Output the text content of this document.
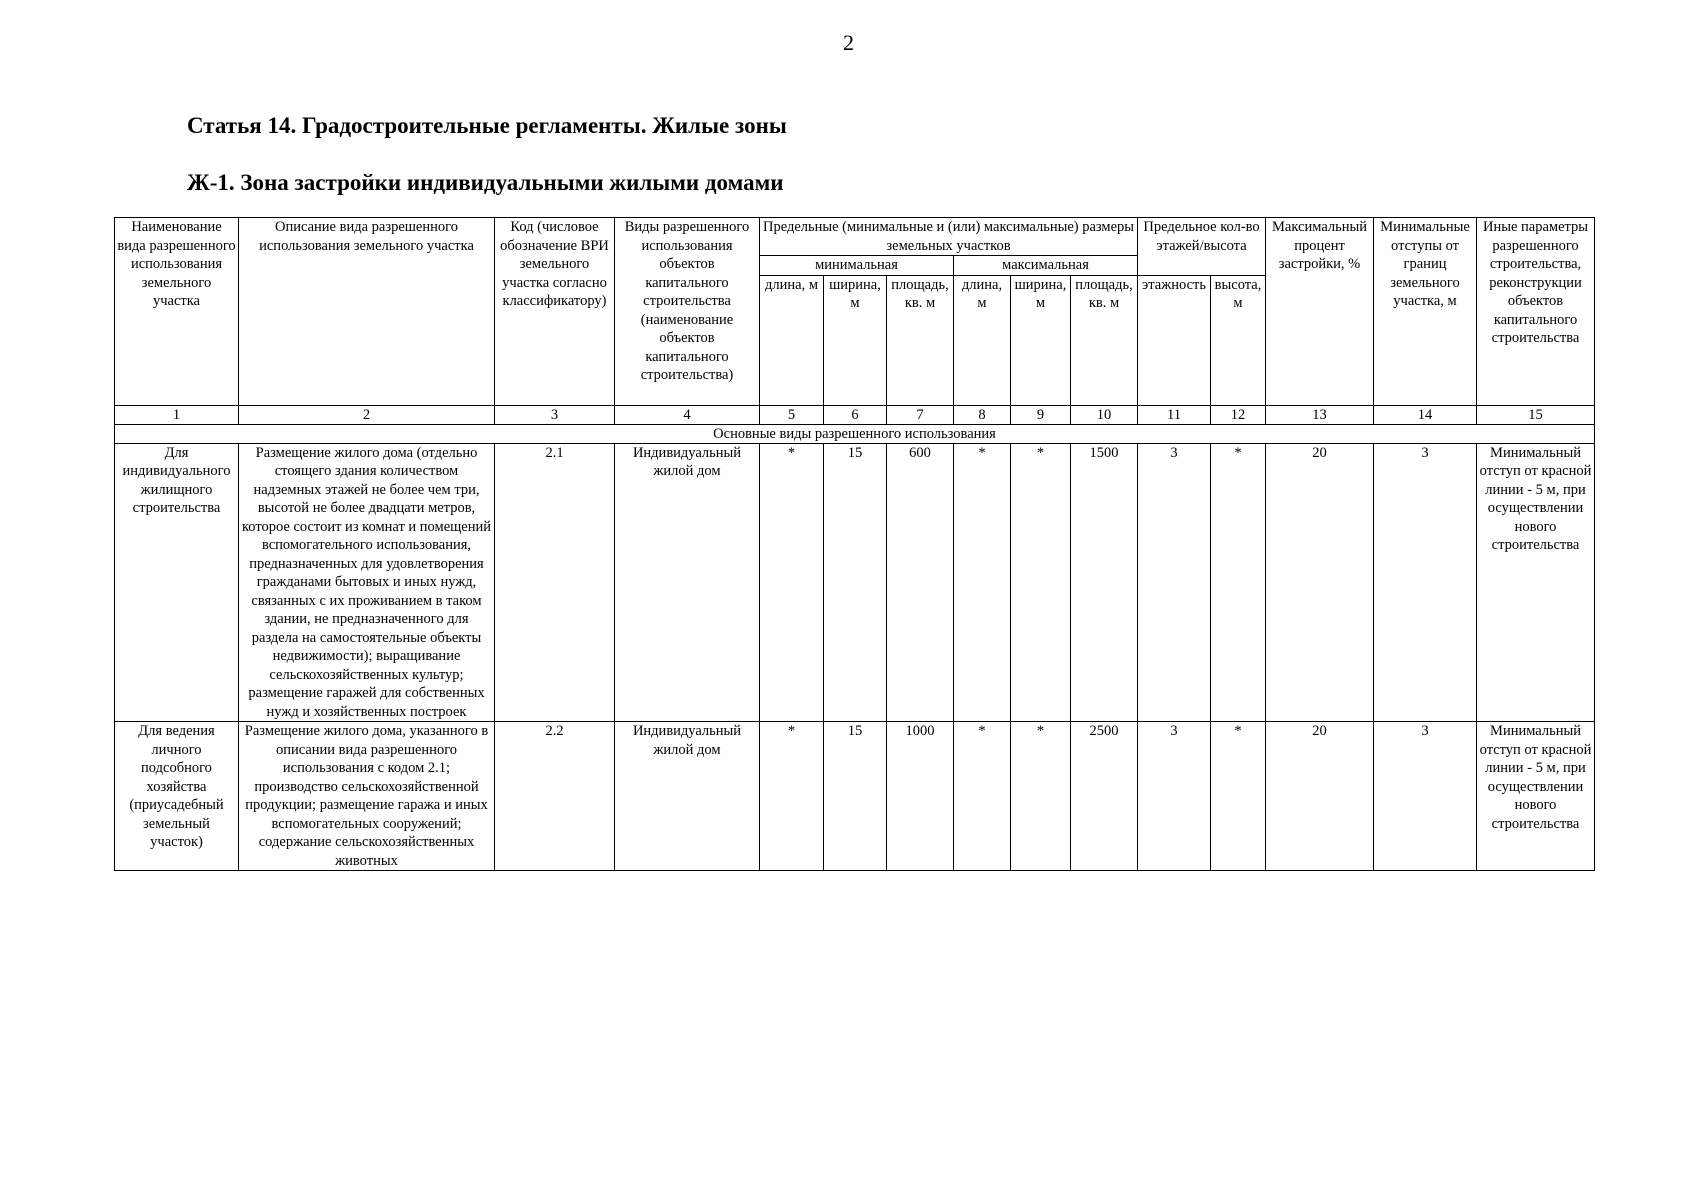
2
Статья 14. Градостроительные регламенты. Жилые зоны
Ж-1. Зона застройки индивидуальными жилыми домами
Наименование вида разрешенного использования земельного участка	Описание вида разрешенного использования земельного участка	Код (числовое обозначение ВРИ земельного участка согласно классификатору)	Виды разрешенного использования объектов капитального строительства (наименование объектов капитального строительства)	Предельные (минимальные и (или) максимальные) размеры земельных участков						Предельное кол-во этажей/высота		Максимальный процент застройки, %	Минимальные отступы от границ земельного участка, м	Иные параметры разрешенного строительства, реконструкции объектов капитального строительства
				минимальная			максимальная							
				длина, м	ширина, м	площадь, кв. м	длина, м	ширина, м	площадь, кв. м	этажность	высота, м			
1	2	3	4	5	6	7	8	9	10	11	12	13	14	15
Основные виды разрешенного использования														
Для индивидуального жилищного строительства	Размещение жилого дома (отдельно стоящего здания количеством надземных этажей не более чем три, высотой не более двадцати метров, которое состоит из комнат и помещений вспомогательного использования, предназначенных для удовлетворения гражданами бытовых и иных нужд, связанных с их проживанием в таком здании, не предназначенного для раздела на самостоятельные объекты недвижимости); выращивание сельскохозяйственных культур; размещение гаражей для собственных нужд и хозяйственных построек	2.1	Индивидуальный жилой дом	*	15	600	*	*	1500	3	*	20	3	Минимальный отступ от красной линии - 5 м, при осуществлении нового строительства
Для ведения личного подсобного хозяйства (приусадебный земельный участок)	Размещение жилого дома, указанного в описании вида разрешенного использования с кодом 2.1; производство сельскохозяйственной продукции; размещение гаража и иных вспомогательных сооружений; содержание сельскохозяйственных животных	2.2	Индивидуальный жилой дом	*	15	1000	*	*	2500	3	*	20	3	Минимальный отступ от красной линии - 5 м, при осуществлении нового строительства
